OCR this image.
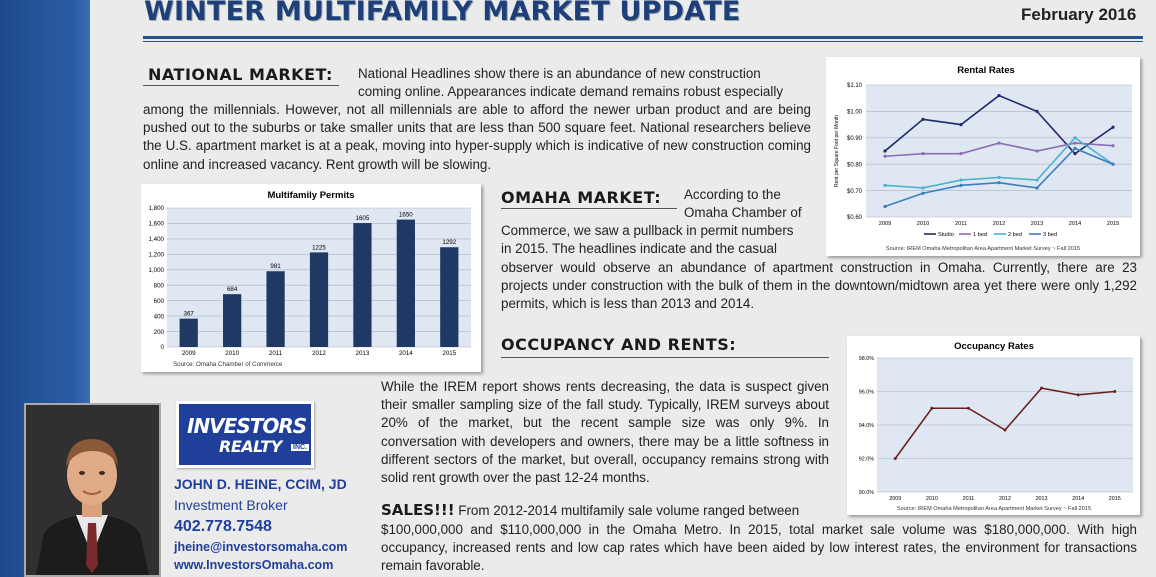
WINTER MULTIFAMILY MARKET UPDATE	February 2016
NATIONAL MARKET: National Headlines show there is an abundance of new construction

coming online. Appearances indicate demand remains robust especially

among the millennials. However, not all millennials are able to afford the newer urban product and are being pushed out to the suburbs or take smaller units that are less than 500 square feet. National researchers believe the U.S. apartment market is at a peak, moving into hyper-supply which is indicative of new construction coming online and increased vacancy. Rent growth will be slowing.
Rental Rates
$0.60
$0.70
$0.80
$0.90
$1.00
$1.10
Rent per Square Foot per Month
2009	2010	2011	2012	2013	2014	2015
Studio	1 bed	2 bed	3 bed
Source: IREM Omaha Metropolitan Area Apartment Market Survey ~ Fall 2015
Multifamily Permits
0
200
400
600
800
1,000
1,200
1,400
1,600
1,800
367
2009
684
2010
981
2011
1225
2012
1605
2013
1650
2014
1292
2015
Source: Omaha Chamber of Commerce
OMAHA MARKET: According to the

Omaha Chamber of

Commerce, we saw a pullback in permit numbers

in 2015. The headlines indicate and the casual

observer would observe an abundance of apartment construction in Omaha. Currently, there are 23 projects under construction with the bulk of them in the downtown/midtown area yet there were only 1,292 permits, which is less than 2013 and 2014.
OCCUPANCY AND RENTS:	Occupancy Rates
90.0%
92.0%
94.0%
96.0%
98.0%
2009	2010	2011	2012	2013	2014	2015
Source: IREM Omaha Metropolitan Area Apartment Market Survey ~ Fall 2015
While the IREM report shows rents decreasing, the data is suspect given their smaller sampling size of the fall study. Typically, IREM surveys about 20% of the market, but the recent sample size was only 9%. In conversation with developers and owners, there may be a little softness in different sectors of the market, but overall, occupancy remains strong with solid rent growth over the past 12-24 months.
SALES!!! From 2012-2014 multifamily sale volume ranged between
$100,000,000 and $110,000,000 in the Omaha Metro. In 2015, total market sale volume was $180,000,000. With high occupancy, increased rents and low cap rates which have been aided by low interest rates, the environment for transactions remain favorable.
INVESTORS
REALTY INC.
JOHN D. HEINE, CCIM, JD
Investment Broker
402.778.7548
jheine@investorsomaha.com
www.InvestorsOmaha.com
